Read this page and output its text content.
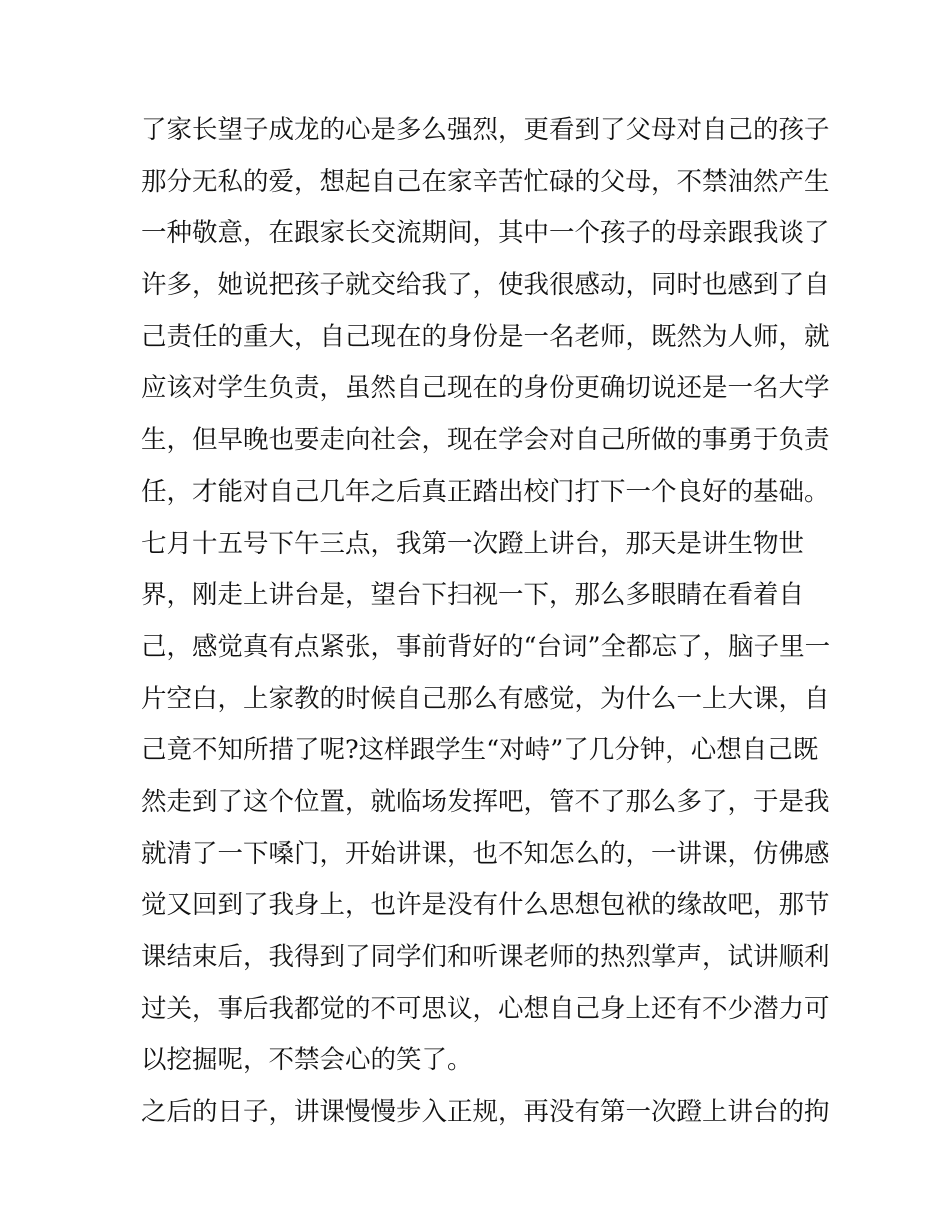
了家长望子成龙的心是多么强烈，更看到了父母对自己的孩子
那分无私的爱，想起自己在家辛苦忙碌的父母，不禁油然产生
一种敬意，在跟家长交流期间，其中一个孩子的母亲跟我谈了
许多，她说把孩子就交给我了，使我很感动，同时也感到了自
己责任的重大，自己现在的身份是一名老师，既然为人师，就
应该对学生负责，虽然自己现在的身份更确切说还是一名大学
生，但早晚也要走向社会，现在学会对自己所做的事勇于负责
任，才能对自己几年之后真正踏出校门打下一个良好的基础。
七月十五号下午三点，我第一次蹬上讲台，那天是讲生物世
界，刚走上讲台是，望台下扫视一下，那么多眼睛在看着自
己，感觉真有点紧张，事前背好的“台词”全都忘了，脑子里一
片空白，上家教的时候自己那么有感觉，为什么一上大课，自
己竟不知所措了呢?这样跟学生“对峙”了几分钟，心想自己既
然走到了这个位置，就临场发挥吧，管不了那么多了，于是我
就清了一下嗓门，开始讲课，也不知怎么的，一讲课，仿佛感
觉又回到了我身上，也许是没有什么思想包袱的缘故吧，那节
课结束后，我得到了同学们和听课老师的热烈掌声，试讲顺利
过关，事后我都觉的不可思议，心想自己身上还有不少潜力可
以挖掘呢，不禁会心的笑了。
之后的日子，讲课慢慢步入正规，再没有第一次蹬上讲台的拘
